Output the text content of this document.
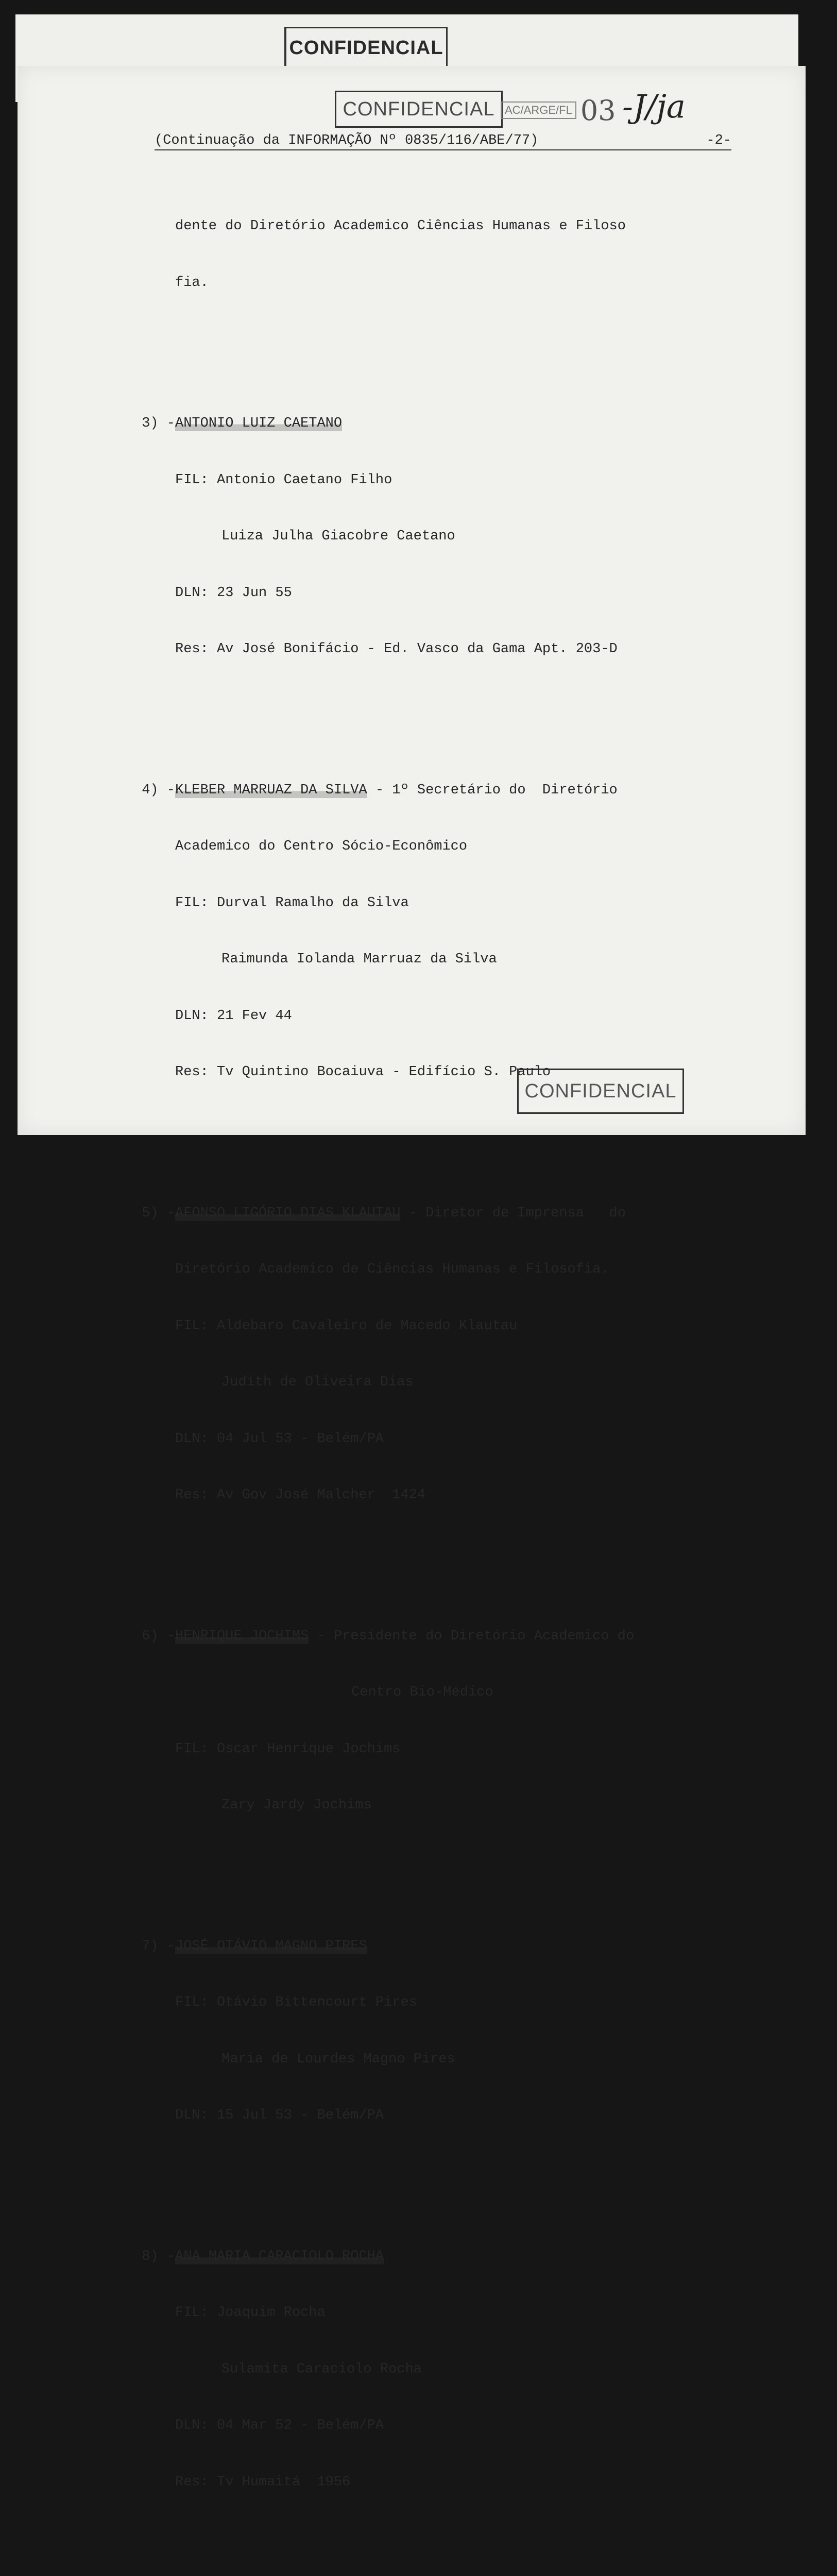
CONFIDENCIAL
CONFIDENCIAL AC/ARGE/FL 03 -J/ja
(Continuação da INFORMAÇÃO Nº 0835/116/ABE/77)	-2-

dente do Diretório Academico Ciências Humanas e Filoso

fia.

3) -ANTONIO LUIZ CAETANO

FIL: Antonio Caetano Filho

Luiza Julha Giacobre Caetano

DLN: 23 Jun 55

Res: Av José Bonifácio - Ed. Vasco da Gama Apt. 203-D

4) -KLEBER MARRUAZ DA SILVA - 1º Secretário do  Diretório

Academico do Centro Sócio-Econômico

FIL: Durval Ramalho da Silva

Raimunda Iolanda Marruaz da Silva

DLN: 21 Fev 44

Res: Tv Quintino Bocaiuva - Edifício S. Paulo

5) -AFONSO LIGÓRIO DIAS KLAUTAU - Diretor de Imprensa   do

Diretório Academico de Ciências Humanas e Filosofia.

FIL: Aldebaro Cavaleiro de Macedo Klautau

Judith de Oliveira Dias

DLN: 04 Jul 53 - Belém/PA

Res: Av Gov José Malcher  1424

6) -HENRIQUE JOCHIMS - Presidente do Diretório Academico do

Centro Bio-Médico

FIL: Oscar Henrique Jochims

Zary Jardy Jochims

7) -JOSÉ OTÁVIO MAGNO PIRES

FIL: Otávio Bittencourt Pires

Maria de Lourdes Magno Pires

DLN: 15 Jul 53 - Belém/PA

8) -ANA MARIA CARACIOLO ROCHA

FIL: Joaquim Rocha

Sulamita Caraciolo Rocha

DLN: 04 Mar 52 - Belém/PA

Res: Tv Humaitá  1956

CONFIDENCIAL
